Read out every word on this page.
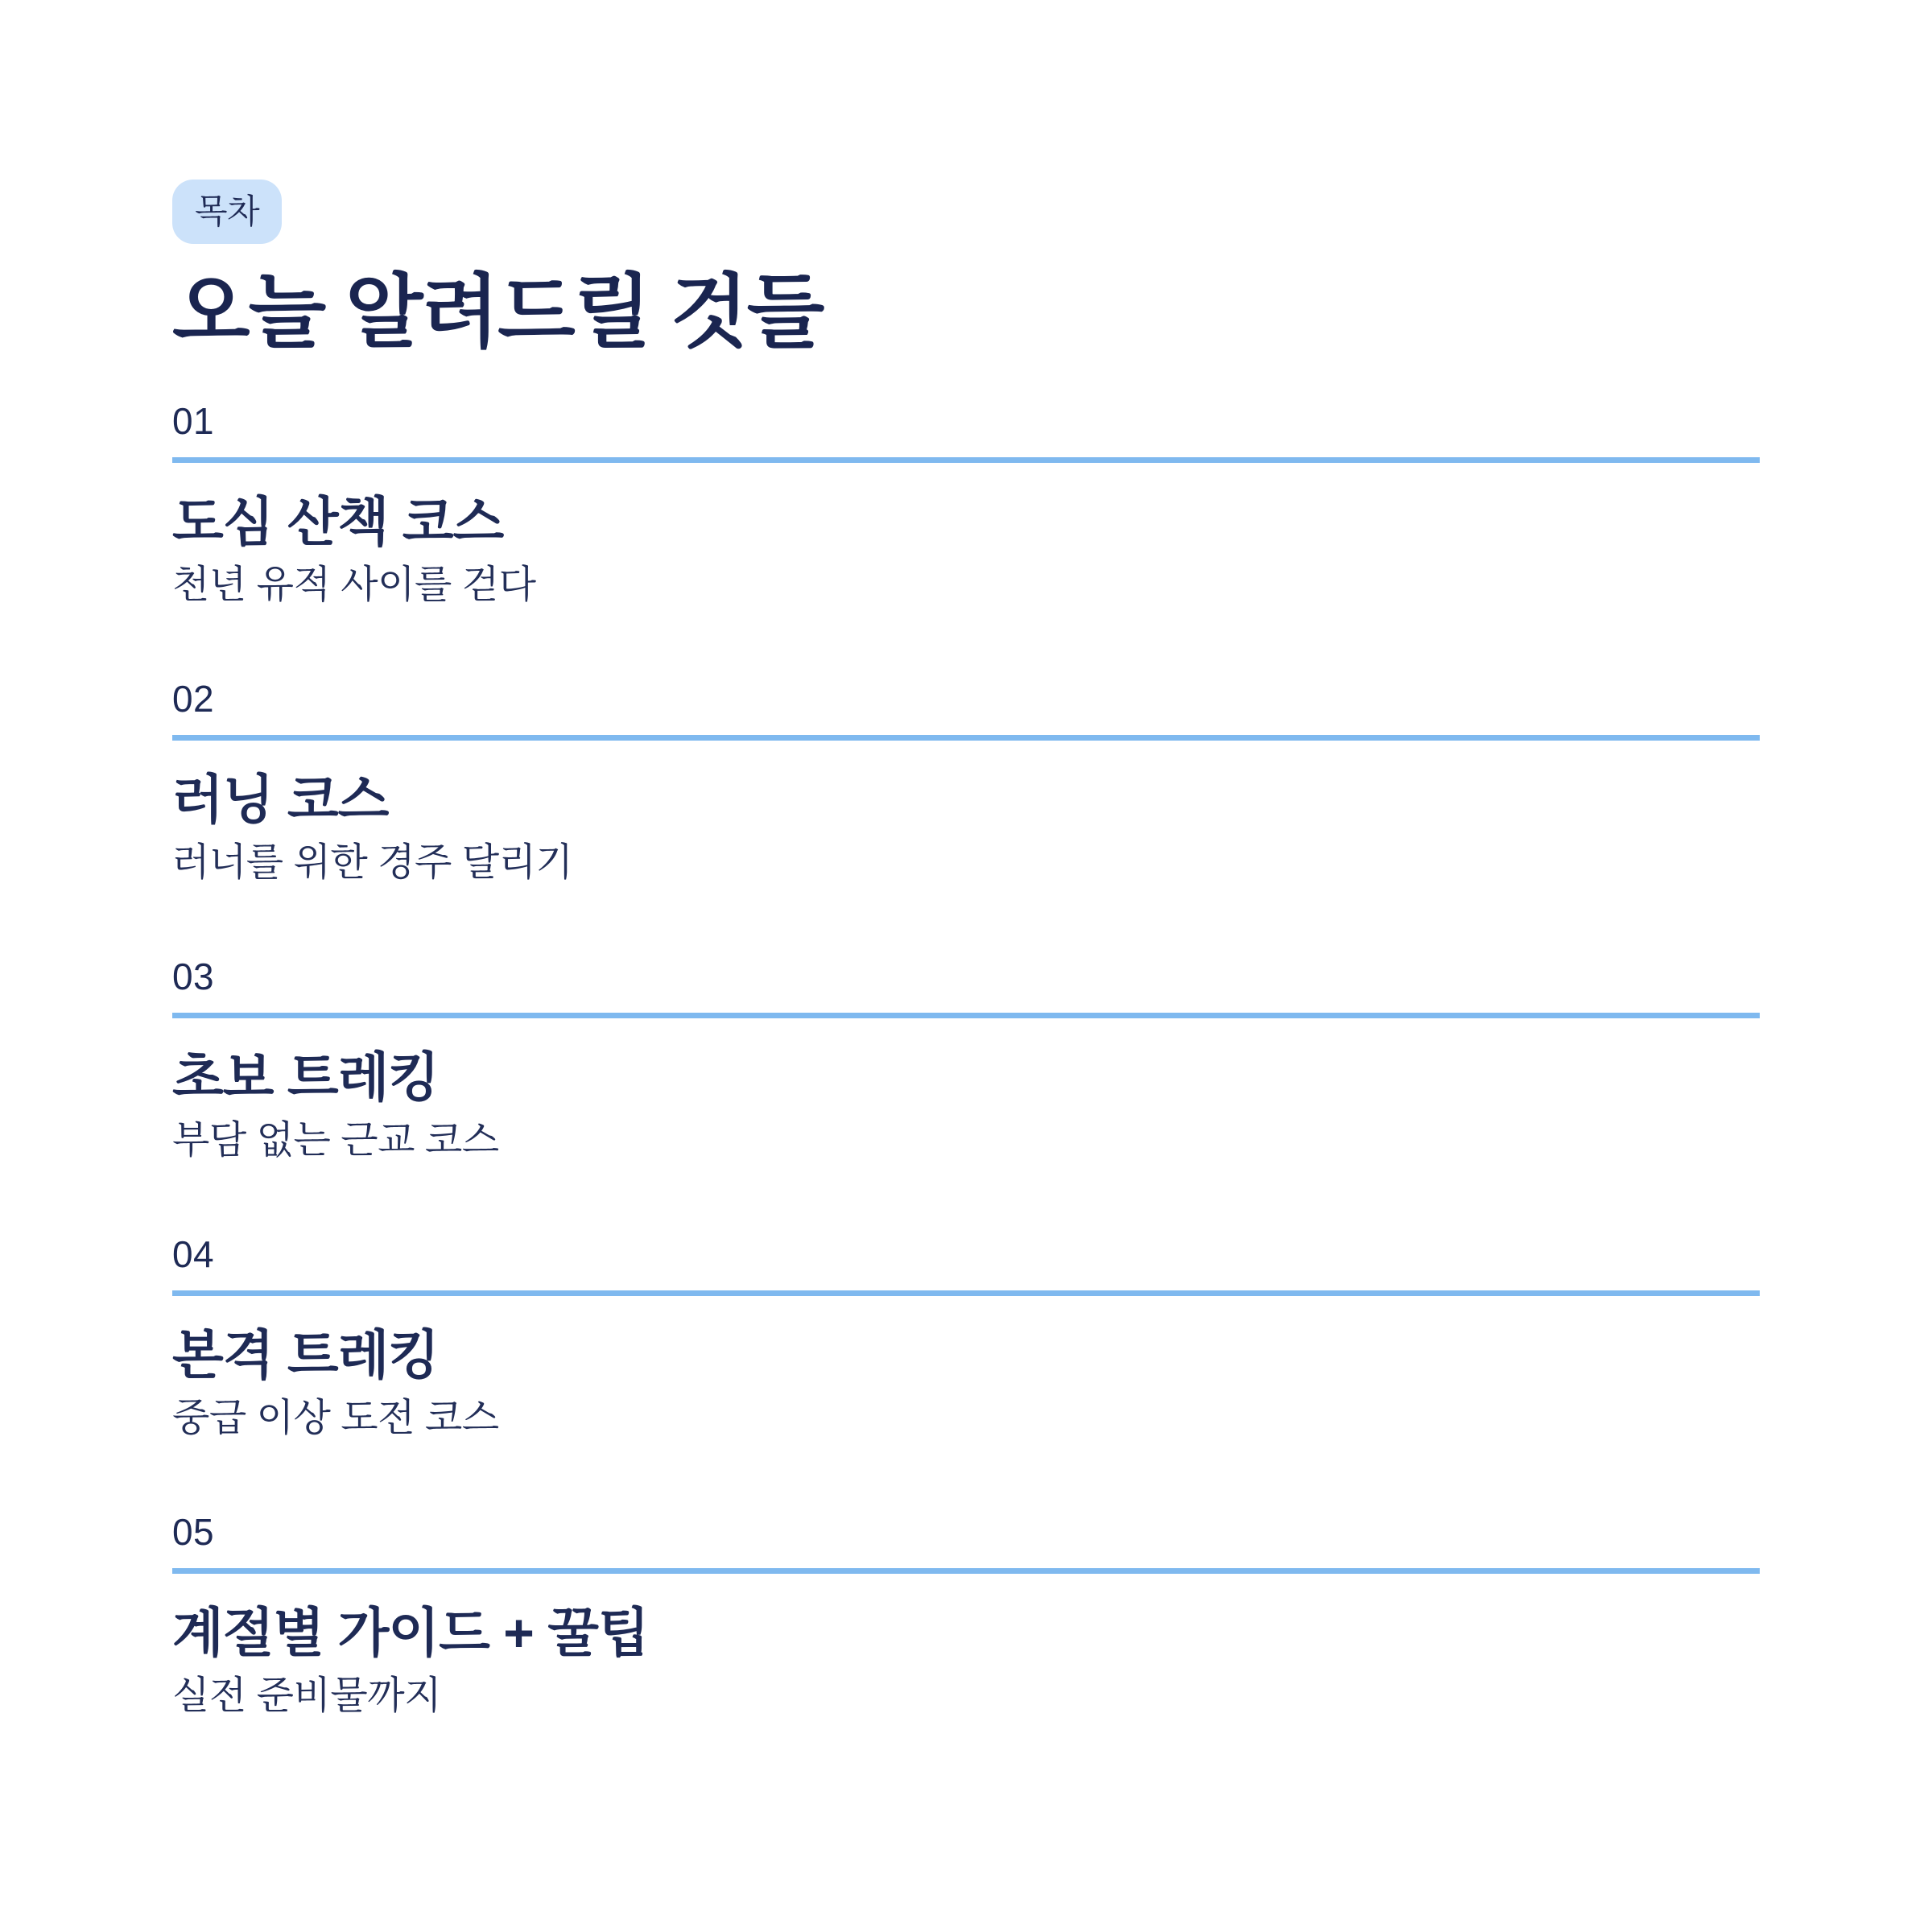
목차
오늘 알려드릴 것들
01
도심 산책 코스

천년 유적 사이를 걷다

02
러닝 코스

러너를 위한 경주 달리기

03
초보 트레킹

부담 없는 근교 코스

04
본격 트레킹

중급 이상 도전 코스

05
계절별 가이드 + 꿀팁

실전 준비물까지
